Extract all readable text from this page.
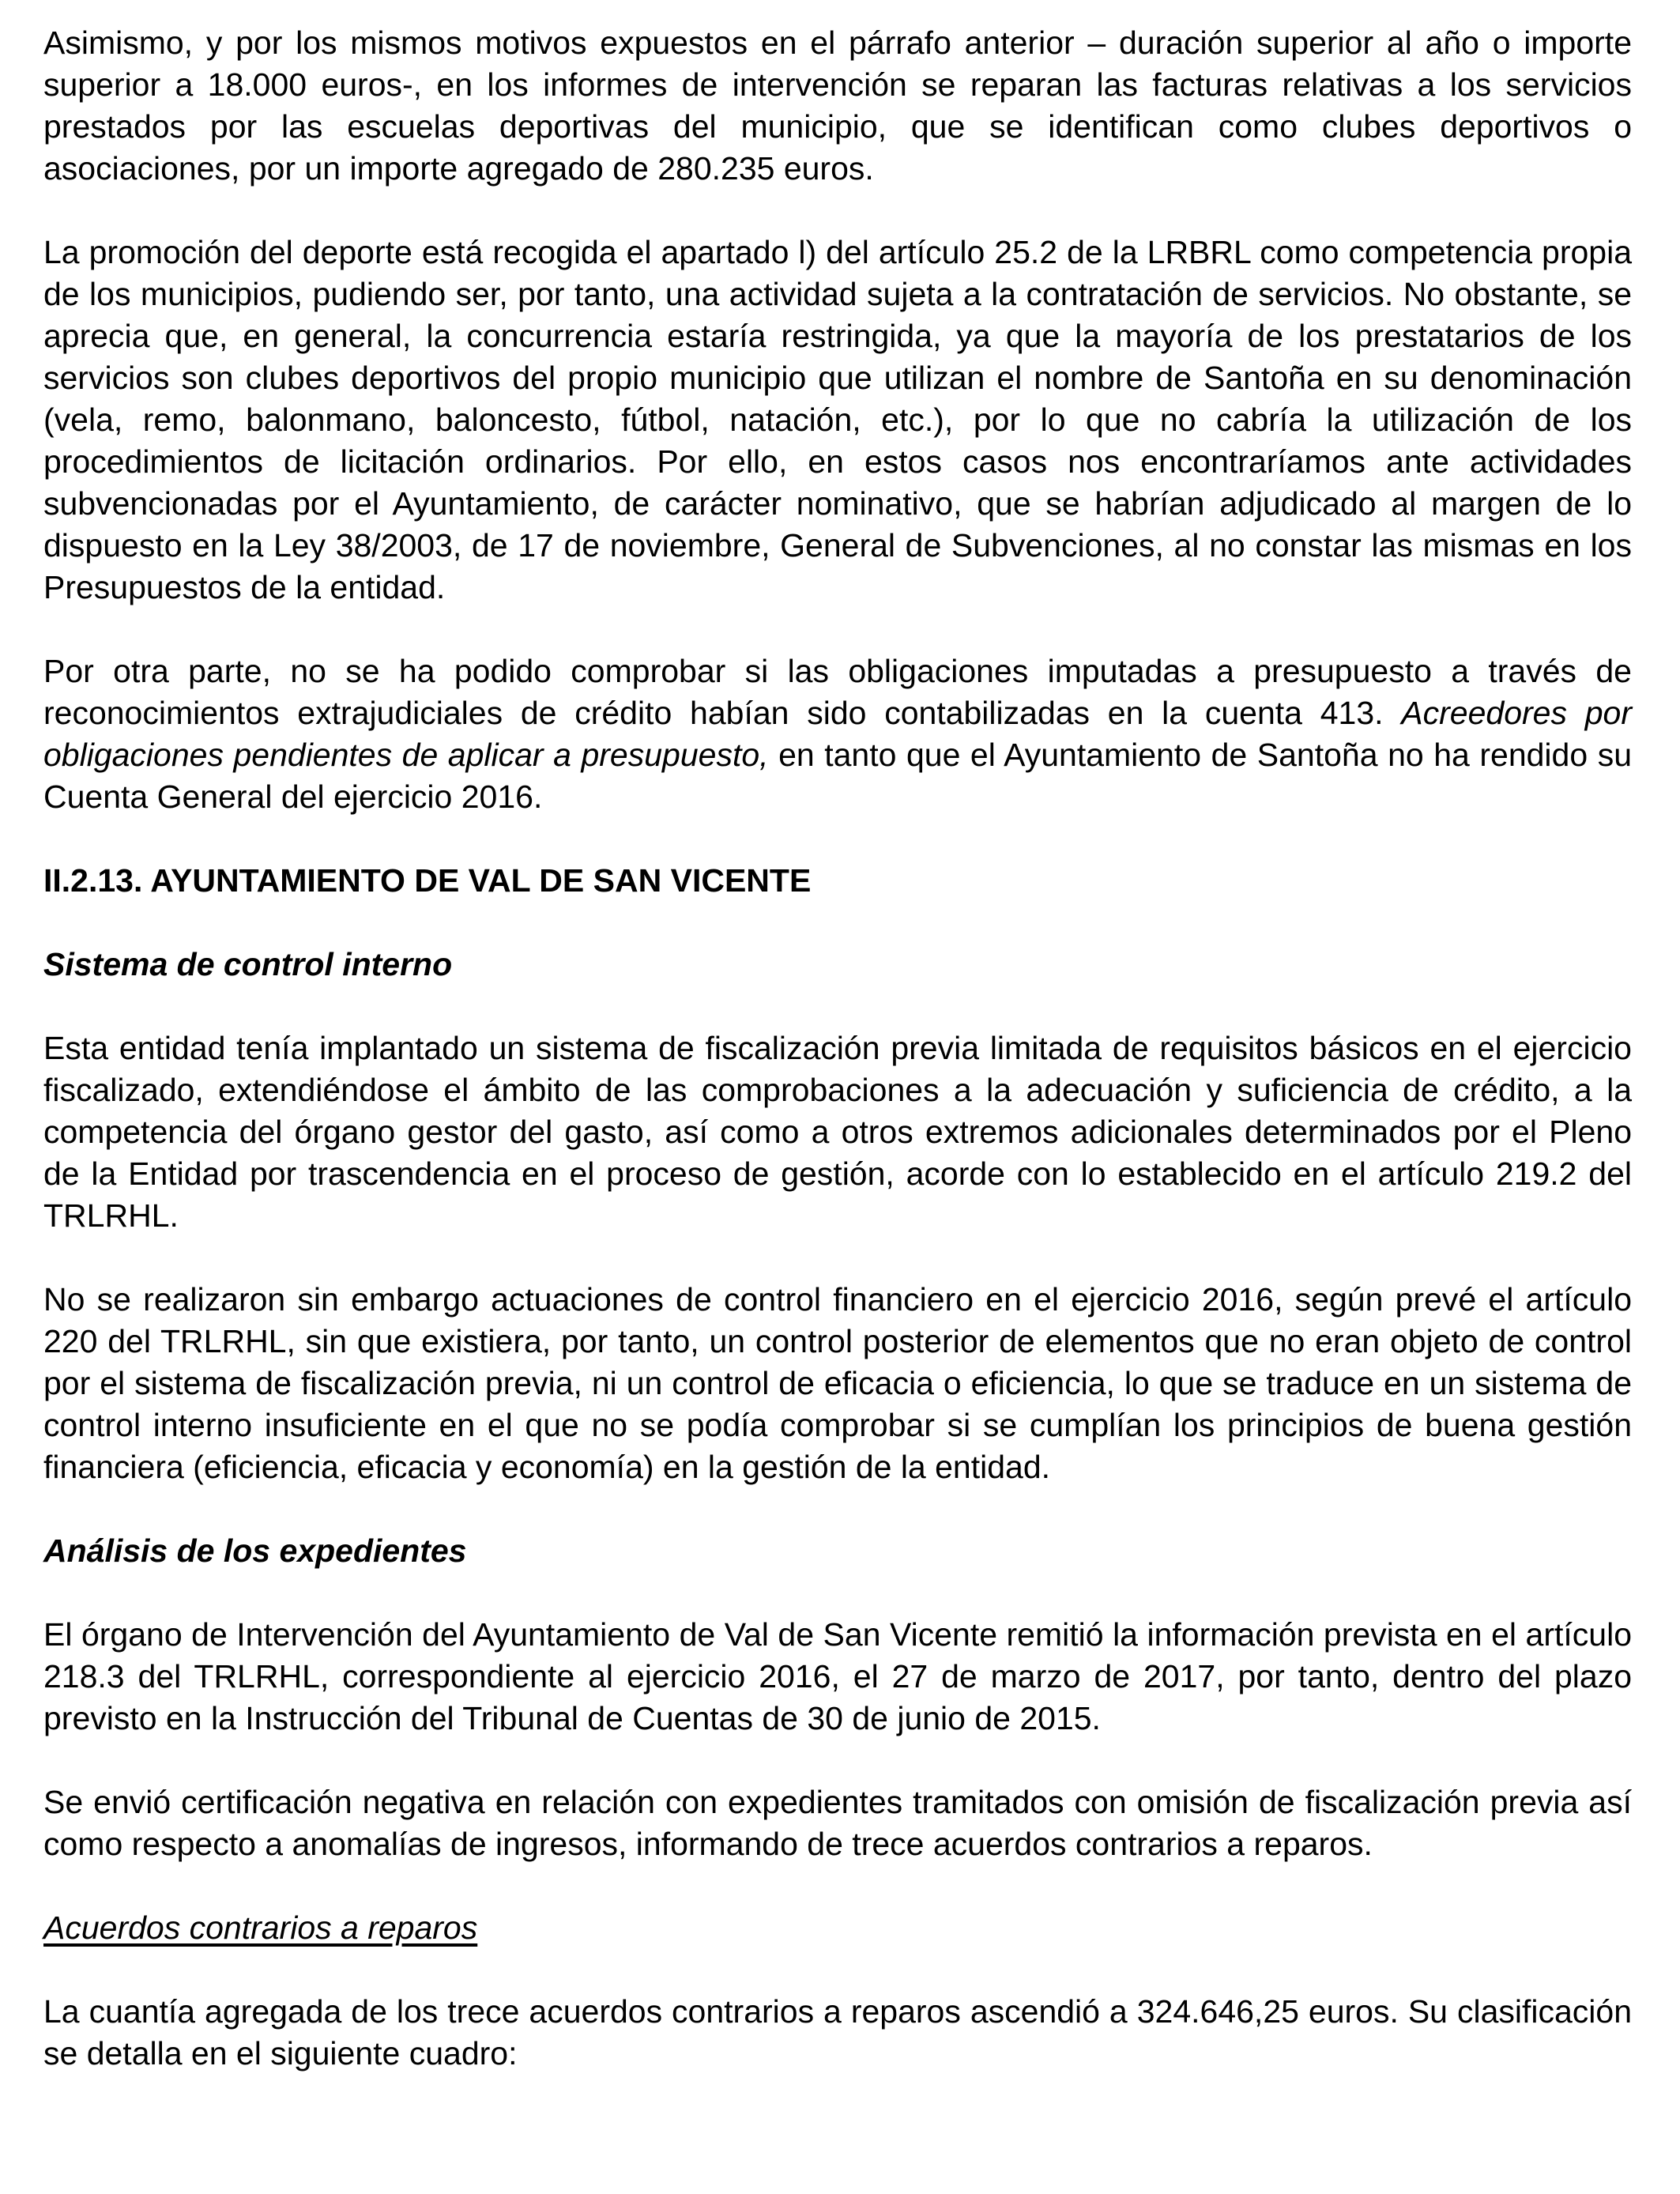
Asimismo, y por los mismos motivos expuestos en el párrafo anterior – duración superior al año o importe superior a 18.000 euros-, en los informes de intervención se reparan las facturas relativas a los servicios prestados por las escuelas deportivas del municipio, que se identifican como clubes deportivos o asociaciones, por un importe agregado de 280.235 euros.

La promoción del deporte está recogida el apartado l) del artículo 25.2 de la LRBRL como competencia propia de los municipios, pudiendo ser, por tanto, una actividad sujeta a la contratación de servicios. No obstante, se aprecia que, en general, la concurrencia estaría restringida, ya que la mayoría de los prestatarios de los servicios son clubes deportivos del propio municipio que utilizan el nombre de Santoña en su denominación (vela, remo, balonmano, baloncesto, fútbol, natación, etc.), por lo que no cabría la utilización de los procedimientos de licitación ordinarios. Por ello, en estos casos nos encontraríamos ante actividades subvencionadas por el Ayuntamiento, de carácter nominativo, que se habrían adjudicado al margen de lo dispuesto en la Ley 38/2003, de 17 de noviembre, General de Subvenciones, al no constar las mismas en los Presupuestos de la entidad.

Por otra parte, no se ha podido comprobar si las obligaciones imputadas a presupuesto a través de reconocimientos extrajudiciales de crédito habían sido contabilizadas en la cuenta 413. Acreedores por obligaciones pendientes de aplicar a presupuesto, en tanto que el Ayuntamiento de Santoña no ha rendido su Cuenta General del ejercicio 2016.

II.2.13. AYUNTAMIENTO DE VAL DE SAN VICENTE
Sistema de control interno

Esta entidad tenía implantado un sistema de fiscalización previa limitada de requisitos básicos en el ejercicio fiscalizado, extendiéndose el ámbito de las comprobaciones a la adecuación y suficiencia de crédito, a la competencia del órgano gestor del gasto, así como a otros extremos adicionales determinados por el Pleno de la Entidad por trascendencia en el proceso de gestión, acorde con lo establecido en el artículo 219.2 del TRLRHL.

No se realizaron sin embargo actuaciones de control financiero en el ejercicio 2016, según prevé el artículo 220 del TRLRHL, sin que existiera, por tanto, un control posterior de elementos que no eran objeto de control por el sistema de fiscalización previa, ni un control de eficacia o eficiencia, lo que se traduce en un sistema de control interno insuficiente en el que no se podía comprobar si se cumplían los principios de buena gestión financiera (eficiencia, eficacia y economía) en la gestión de la entidad.

Análisis de los expedientes

El órgano de Intervención del Ayuntamiento de Val de San Vicente remitió la información prevista en el artículo 218.3 del TRLRHL, correspondiente al ejercicio 2016, el 27 de marzo de 2017, por tanto, dentro del plazo previsto en la Instrucción del Tribunal de Cuentas de 30 de junio de 2015.

Se envió certificación negativa en relación con expedientes tramitados con omisión de fiscalización previa así como respecto a anomalías de ingresos, informando de trece acuerdos contrarios a reparos.

Acuerdos contrarios a reparos

La cuantía agregada de los trece acuerdos contrarios a reparos ascendió a 324.646,25 euros. Su clasificación se detalla en el siguiente cuadro:
